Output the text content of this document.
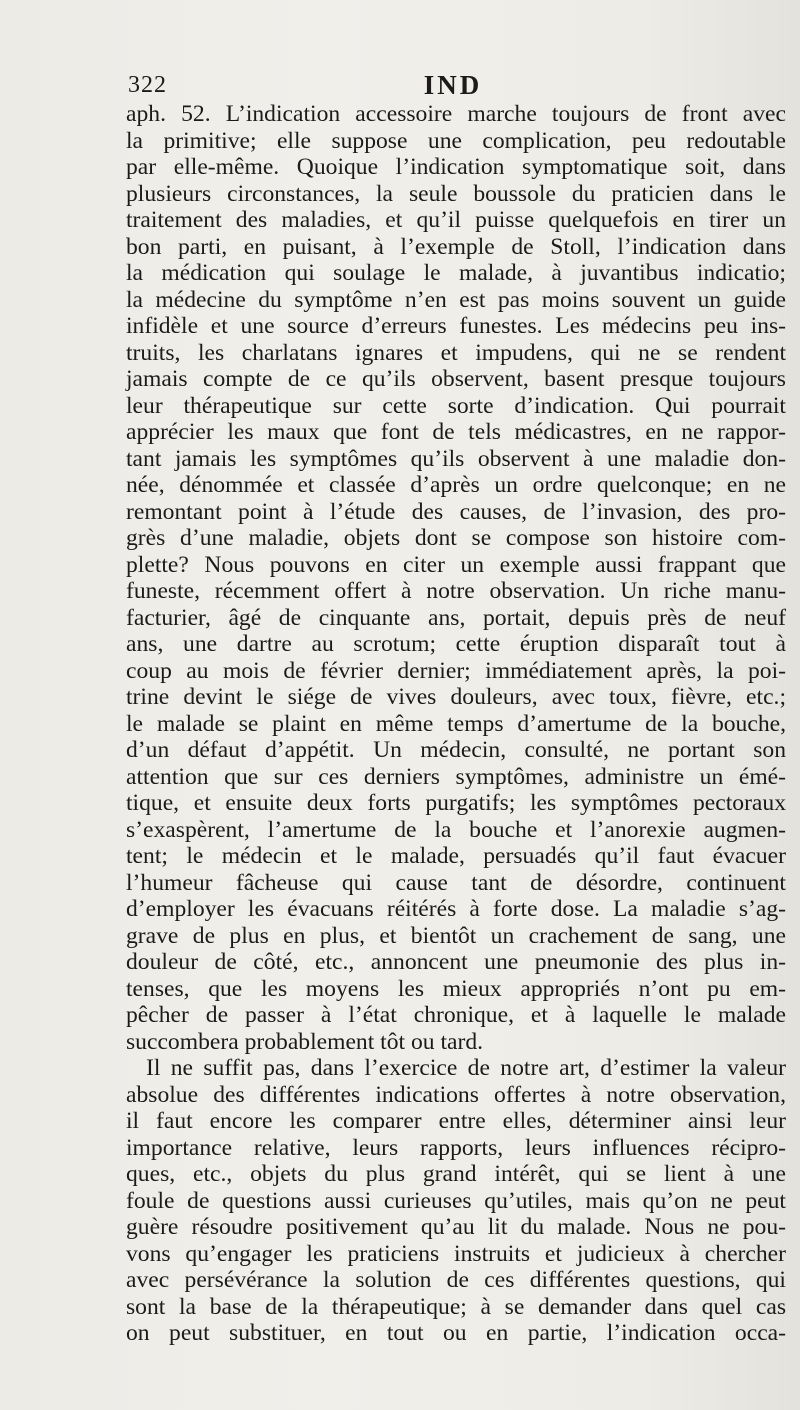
322	IND
aph. 52. L’indication accessoire marche toujours de front avec
la primitive; elle suppose une complication, peu redoutable
par elle-même. Quoique l’indication symptomatique soit, dans
plusieurs circonstances, la seule boussole du praticien dans le
traitement des maladies, et qu’il puisse quelquefois en tirer un
bon parti, en puisant, à l’exemple de Stoll, l’indication dans
la médication qui soulage le malade, à juvantibus indicatio;
la médecine du symptôme n’en est pas moins souvent un guide
infidèle et une source d’erreurs funestes. Les médecins peu ins-
truits, les charlatans ignares et impudens, qui ne se rendent
jamais compte de ce qu’ils observent, basent presque toujours
leur thérapeutique sur cette sorte d’indication. Qui pourrait
apprécier les maux que font de tels médicastres, en ne rappor-
tant jamais les symptômes qu’ils observent à une maladie don-
née, dénommée et classée d’après un ordre quelconque; en ne
remontant point à l’étude des causes, de l’invasion, des pro-
grès d’une maladie, objets dont se compose son histoire com-
plette? Nous pouvons en citer un exemple aussi frappant que
funeste, récemment offert à notre observation. Un riche manu-
facturier, âgé de cinquante ans, portait, depuis près de neuf
ans, une dartre au scrotum; cette éruption disparaît tout à
coup au mois de février dernier; immédiatement après, la poi-
trine devint le siége de vives douleurs, avec toux, fièvre, etc.;
le malade se plaint en même temps d’amertume de la bouche,
d’un défaut d’appétit. Un médecin, consulté, ne portant son
attention que sur ces derniers symptômes, administre un émé-
tique, et ensuite deux forts purgatifs; les symptômes pectoraux
s’exaspèrent, l’amertume de la bouche et l’anorexie augmen-
tent; le médecin et le malade, persuadés qu’il faut évacuer
l’humeur fâcheuse qui cause tant de désordre, continuent
d’employer les évacuans réitérés à forte dose. La maladie s’ag-
grave de plus en plus, et bientôt un crachement de sang, une
douleur de côté, etc., annoncent une pneumonie des plus in-
tenses, que les moyens les mieux appropriés n’ont pu em-
pêcher de passer à l’état chronique, et à laquelle le malade
succombera probablement tôt ou tard.
Il ne suffit pas, dans l’exercice de notre art, d’estimer la valeur
absolue des différentes indications offertes à notre observation,
il faut encore les comparer entre elles, déterminer ainsi leur
importance relative, leurs rapports, leurs influences récipro-
ques, etc., objets du plus grand intérêt, qui se lient à une
foule de questions aussi curieuses qu’utiles, mais qu’on ne peut
guère résoudre positivement qu’au lit du malade. Nous ne pou-
vons qu’engager les praticiens instruits et judicieux à chercher
avec persévérance la solution de ces différentes questions, qui
sont la base de la thérapeutique; à se demander dans quel cas
on peut substituer, en tout ou en partie, l’indication occa-
